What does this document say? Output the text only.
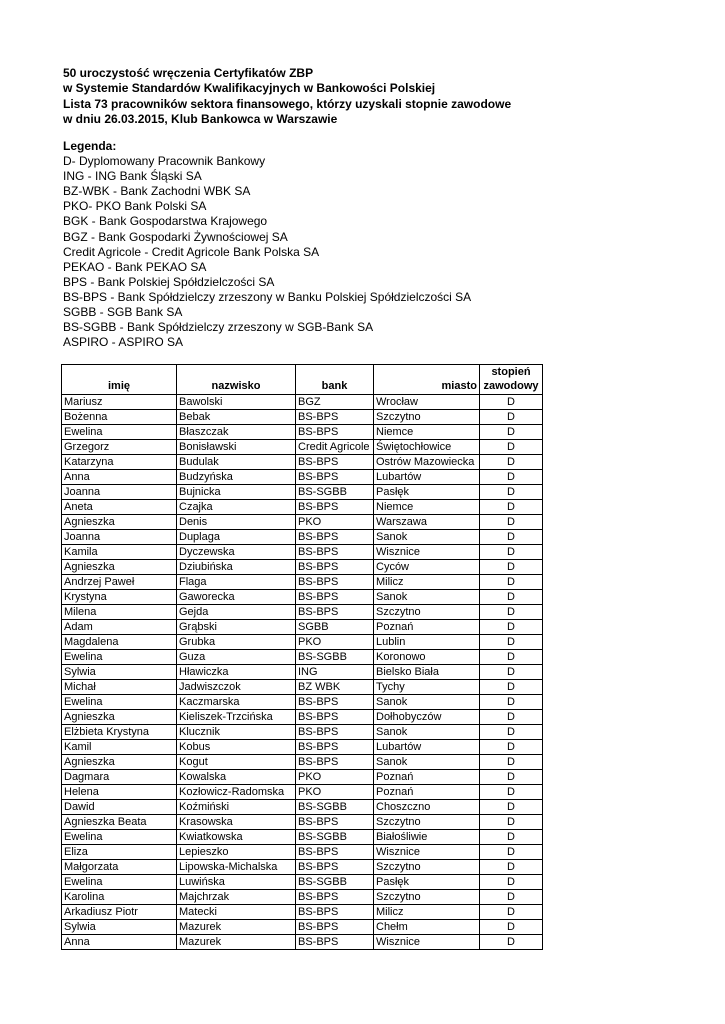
50 uroczystość wręczenia Certyfikatów ZBP
w Systemie Standardów Kwalifikacyjnych w Bankowości Polskiej
Lista 73 pracowników sektora finansowego, którzy uzyskali stopnie zawodowe
w dniu 26.03.2015, Klub Bankowca w Warszawie
Legenda:
D- Dyplomowany Pracownik Bankowy
ING - ING Bank Śląski SA
BZ-WBK - Bank Zachodni WBK SA
PKO- PKO Bank Polski SA
BGK - Bank Gospodarstwa Krajowego
BGZ - Bank Gospodarki Żywnościowej SA
Credit Agricole - Credit Agricole Bank Polska SA
PEKAO - Bank PEKAO SA
BPS - Bank Polskiej Spółdzielczości SA
BS-BPS - Bank Spółdzielczy zrzeszony w Banku Polskiej Spółdzielczości SA
SGBB - SGB Bank SA
BS-SGBB - Bank Spółdzielczy zrzeszony w SGB-Bank SA
ASPIRO - ASPIRO SA
imię	nazwisko	bank	miasto	stopień
zawodowy

Mariusz	Bawolski	BGZ	Wrocław	D
Bożenna	Bebak	BS-BPS	Szczytno	D
Ewelina	Błaszczak	BS-BPS	Niemce	D
Grzegorz	Bonisławski	Credit Agricole	Świętochłowice	D
Katarzyna	Budulak	BS-BPS	Ostrów Mazowiecka	D
Anna	Budzyńska	BS-BPS	Lubartów	D
Joanna	Bujnicka	BS-SGBB	Pasłęk	D
Aneta	Czajka	BS-BPS	Niemce	D
Agnieszka	Denis	PKO	Warszawa	D
Joanna	Duplaga	BS-BPS	Sanok	D
Kamila	Dyczewska	BS-BPS	Wisznice	D
Agnieszka	Dziubińska	BS-BPS	Cyców	D
Andrzej Paweł	Flaga	BS-BPS	Milicz	D
Krystyna	Gaworecka	BS-BPS	Sanok	D
Milena	Gejda	BS-BPS	Szczytno	D
Adam	Grąbski	SGBB	Poznań	D
Magdalena	Grubka	PKO	Lublin	D
Ewelina	Guza	BS-SGBB	Koronowo	D
Sylwia	Hławiczka	ING	Bielsko Biała	D
Michał	Jadwiszczok	BZ WBK	Tychy	D
Ewelina	Kaczmarska	BS-BPS	Sanok	D
Agnieszka	Kieliszek-Trzcińska	BS-BPS	Dołhobyczów	D
Elżbieta Krystyna	Klucznik	BS-BPS	Sanok	D
Kamil	Kobus	BS-BPS	Lubartów	D
Agnieszka	Kogut	BS-BPS	Sanok	D
Dagmara	Kowalska	PKO	Poznań	D
Helena	Kozłowicz-Radomska	PKO	Poznań	D
Dawid	Koźmiński	BS-SGBB	Choszczno	D
Agnieszka Beata	Krasowska	BS-BPS	Szczytno	D
Ewelina	Kwiatkowska	BS-SGBB	Białośliwie	D
Eliza	Lepieszko	BS-BPS	Wisznice	D
Małgorzata	Lipowska-Michalska	BS-BPS	Szczytno	D
Ewelina	Luwińska	BS-SGBB	Pasłęk	D
Karolina	Majchrzak	BS-BPS	Szczytno	D
Arkadiusz Piotr	Matecki	BS-BPS	Milicz	D
Sylwia	Mazurek	BS-BPS	Chełm	D
Anna	Mazurek	BS-BPS	Wisznice	D
